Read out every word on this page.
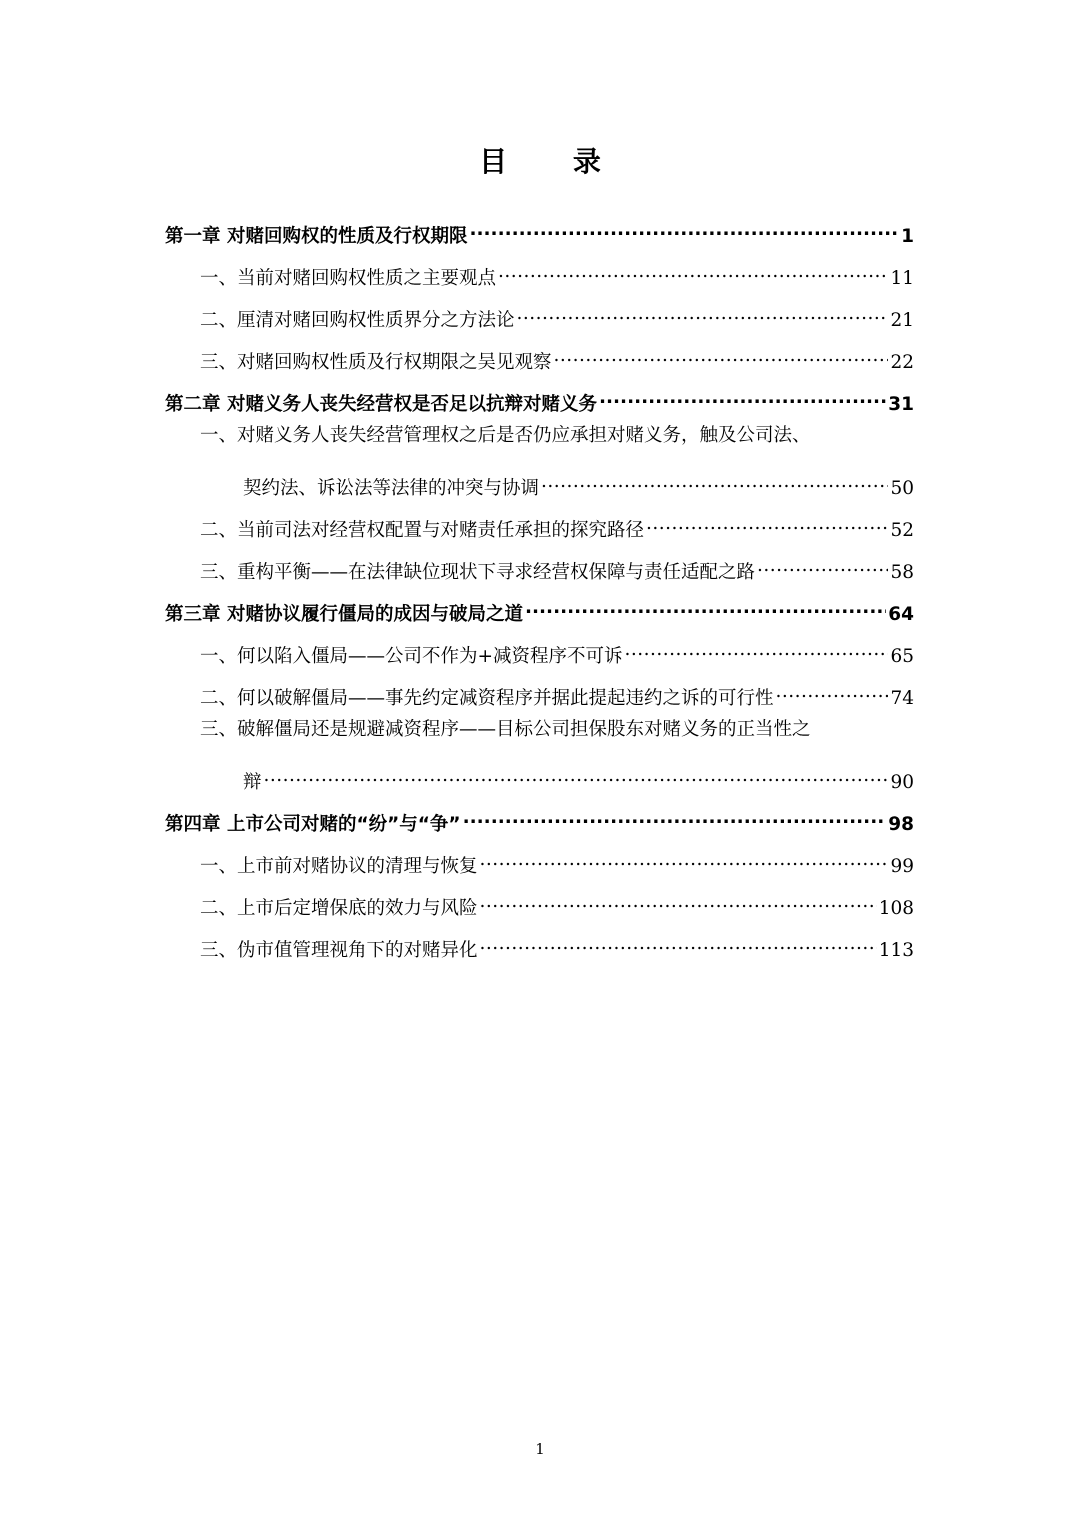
目 录
第一章 对赌回购权的性质及行权期限 .....	1
一、当前对赌回购权性质之主要观点 .....	11
二、厘清对赌回购权性质界分之方法论 .....	21
三、对赌回购权性质及行权期限之吴见观察 .....	22
第二章 对赌义务人丧失经营权是否足以抗辩对赌义务 .....	31
一、对赌义务人丧失经营管理权之后是否仍应承担对赌义务，触及公司法、
契约法、诉讼法等法律的冲突与协调 .....	50
二、当前司法对经营权配置与对赌责任承担的探究路径 .....	52
三、重构平衡——在法律缺位现状下寻求经营权保障与责任适配之路 .....	58
第三章 对赌协议履行僵局的成因与破局之道 .....	64
一、何以陷入僵局——公司不作为+减资程序不可诉 .....	65
二、何以破解僵局——事先约定减资程序并据此提起违约之诉的可行性 .....	74
三、破解僵局还是规避减资程序——目标公司担保股东对赌义务的正当性之
辩 .....	90
第四章 上市公司对赌的“纷”与“争” .....	98
一、上市前对赌协议的清理与恢复 .....	99
二、上市后定增保底的效力与风险 .....	108
三、伪市值管理视角下的对赌异化 .....	113
1
